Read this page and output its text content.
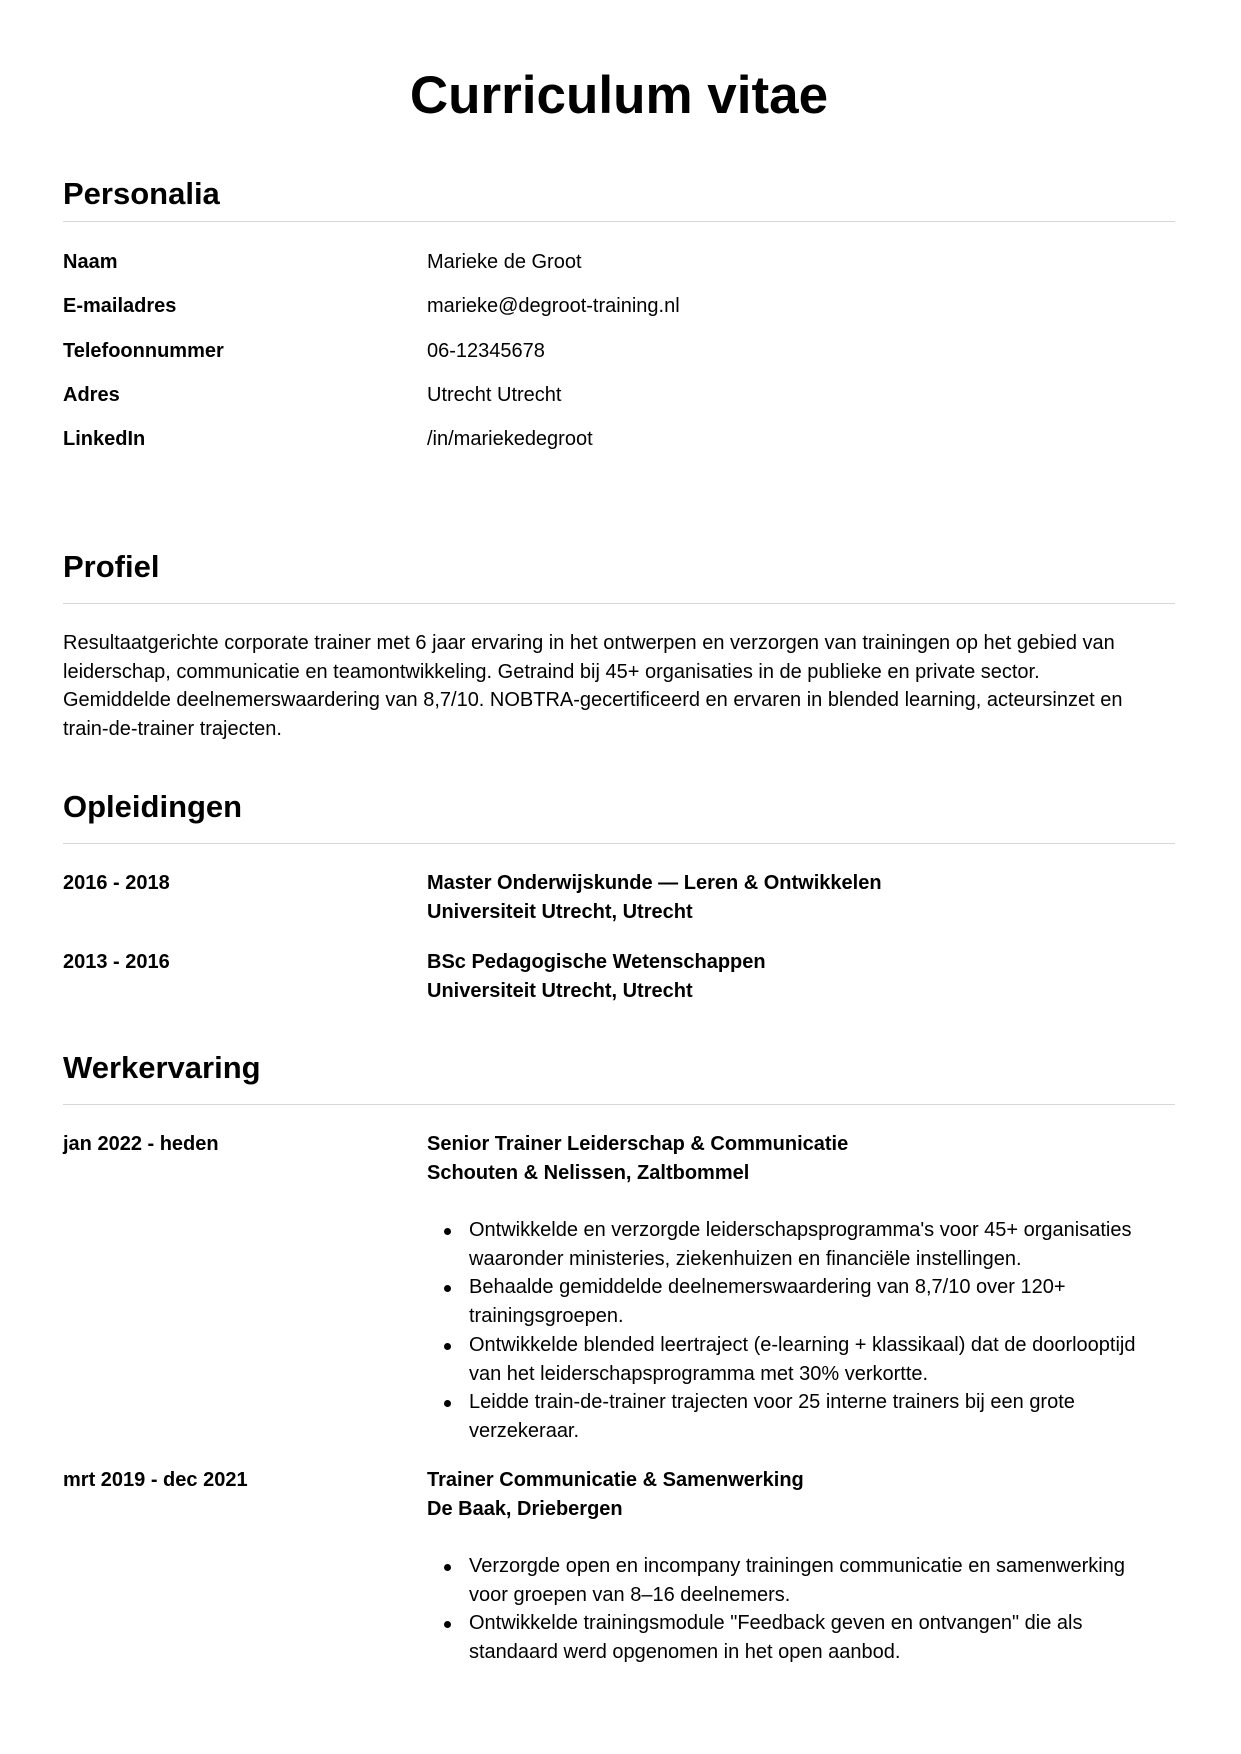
Curriculum vitae
Personalia
Naam	Marieke de Groot
E-mailadres	marieke@degroot-training.nl
Telefoonnummer	06-12345678
Adres	Utrecht Utrecht
LinkedIn	/in/mariekedegroot
Profiel

Resultaatgerichte corporate trainer met 6 jaar ervaring in het ontwerpen en verzorgen van trainingen op het gebied van
leiderschap, communicatie en teamontwikkeling. Getraind bij 45+ organisaties in de publieke en private sector.
Gemiddelde deelnemerswaardering van 8,7/10. NOBTRA-gecertificeerd en ervaren in blended learning, acteursinzet en
train-de-trainer trajecten.

Opleidingen
2016 - 2018	Master Onderwijskunde — Leren & Ontwikkelen
Universiteit Utrecht, Utrecht
2013 - 2016	BSc Pedagogische Wetenschappen
Universiteit Utrecht, Utrecht
Werkervaring
jan 2022 - heden	Senior Trainer Leiderschap & Communicatie
Schouten & Nelissen, Zaltbommel
Ontwikkelde en verzorgde leiderschapsprogramma's voor 45+ organisaties
waaronder ministeries, ziekenhuizen en financiële instellingen.
Behaalde gemiddelde deelnemerswaardering van 8,7/10 over 120+
trainingsgroepen.
Ontwikkelde blended leertraject (e-learning + klassikaal) dat de doorlooptijd
van het leiderschapsprogramma met 30% verkortte.
Leidde train-de-trainer trajecten voor 25 interne trainers bij een grote
verzekeraar.
mrt 2019 - dec 2021	Trainer Communicatie & Samenwerking
De Baak, Driebergen
Verzorgde open en incompany trainingen communicatie en samenwerking
voor groepen van 8–16 deelnemers.
Ontwikkelde trainingsmodule "Feedback geven en ontvangen" die als
standaard werd opgenomen in het open aanbod.
